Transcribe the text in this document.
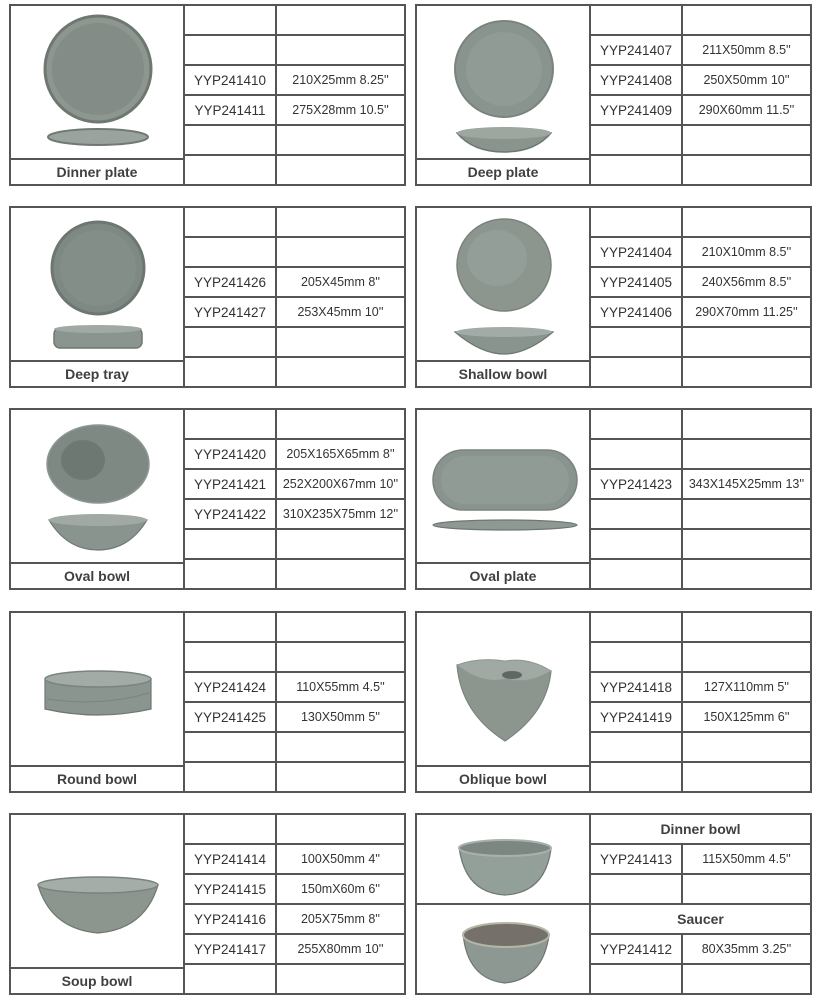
Dinner plate
YYP241410	210X25mm 8.25''
YYP241411	275X28mm 10.5''
Deep plate
YYP241407	211X50mm 8.5''
YYP241408	250X50mm 10''
YYP241409	290X60mm 11.5''
Deep tray
YYP241426	205X45mm 8''
YYP241427	253X45mm 10''
Shallow bowl
YYP241404	210X10mm 8.5''
YYP241405	240X56mm 8.5''
YYP241406	290X70mm 11.25''
Oval bowl
YYP241420	205X165X65mm 8''
YYP241421	252X200X67mm 10''
YYP241422	310X235X75mm 12''
Oval plate
YYP241423	343X145X25mm 13''
Round bowl
YYP241424	110X55mm 4.5''
YYP241425	130X50mm 5''
Oblique bowl
YYP241418	127X110mm 5''
YYP241419	150X125mm 6''
Soup bowl
YYP241414	100X50mm 4''
YYP241415	150mX60m 6''
YYP241416	205X75mm 8''
YYP241417	255X80mm 10''
Dinner bowl
YYP241413	115X50mm 4.5''
Saucer
YYP241412	80X35mm 3.25''
